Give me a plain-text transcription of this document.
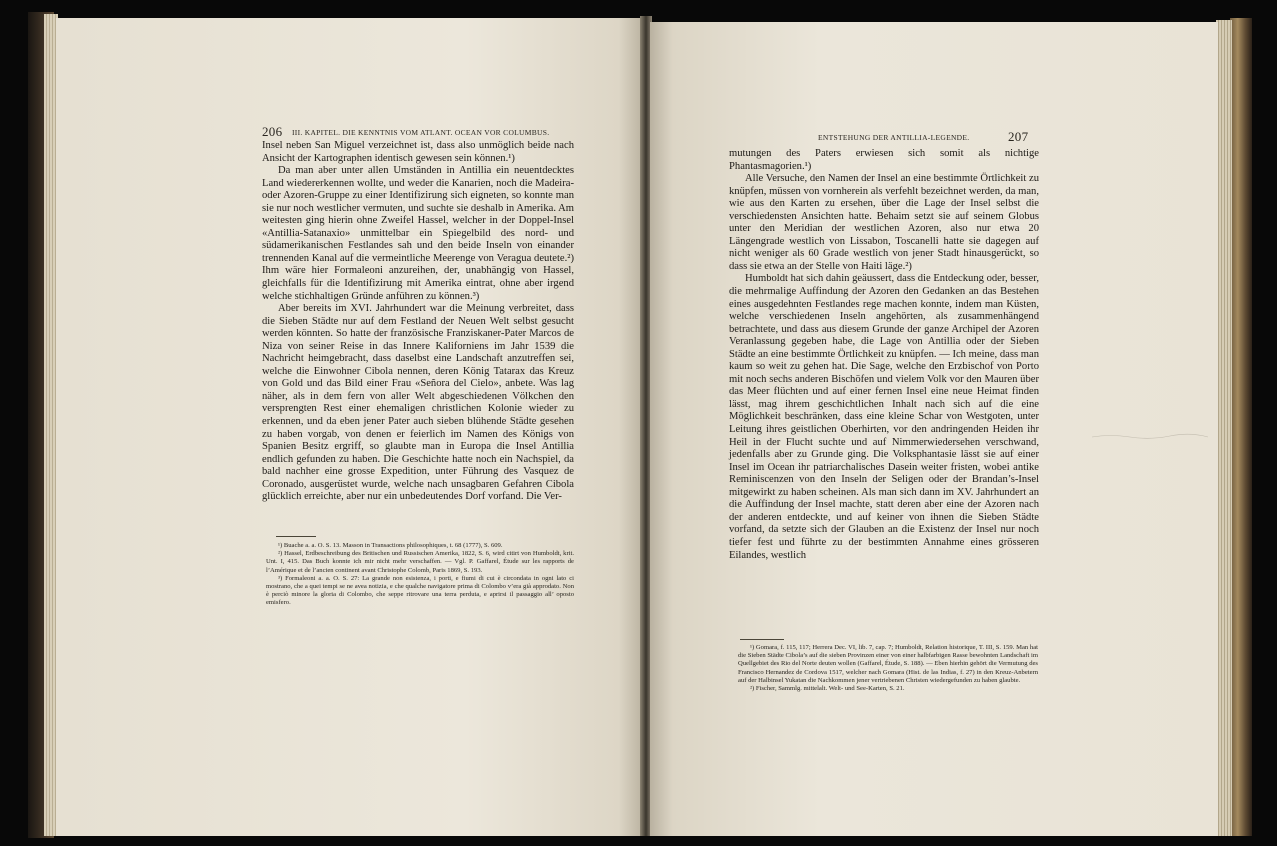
206 III. KAPITEL. DIE KENNTNIS VOM ATLANT. OCEAN VOR COLUMBUS.

Insel neben San Miguel verzeichnet ist, dass also unmöglich beide nach Ansicht der Kartographen identisch gewesen sein können.¹)

Da man aber unter allen Umständen in Antillia ein neuentdecktes Land wiedererkennen wollte, und weder die Kanarien, noch die Madeira- oder Azoren-Gruppe zu einer Identifizirung sich eigneten, so konnte man sie nur noch westlicher vermuten, und suchte sie deshalb in Amerika. Am weitesten ging hierin ohne Zweifel Hassel, welcher in der Doppel-Insel «Antillia-Satanaxio» unmittelbar ein Spiegelbild des nord- und südamerikanischen Festlandes sah und den beide Inseln von einander trennenden Kanal auf die vermeintliche Meerenge von Veragua deutete.²) Ihm wäre hier Formaleoni anzureihen, der, unabhängig von Hassel, gleichfalls für die Identifizirung mit Amerika eintrat, ohne aber irgend welche stichhaltigen Gründe anführen zu können.³)

Aber bereits im XVI. Jahrhundert war die Meinung verbreitet, dass die Sieben Städte nur auf dem Festland der Neuen Welt selbst gesucht werden könnten. So hatte der französische Franziskaner-Pater Marcos de Niza von seiner Reise in das Innere Kaliforniens im Jahr 1539 die Nachricht heimgebracht, dass daselbst eine Landschaft anzutreffen sei, welche die Einwohner Cibola nennen, deren König Tatarax das Kreuz von Gold und das Bild einer Frau «Señora del Cielo», anbete. Was lag näher, als in dem fern von aller Welt abgeschiedenen Völkchen den versprengten Rest einer ehemaligen christlichen Kolonie wieder zu erkennen, und da eben jener Pater auch sieben blühende Städte gesehen zu haben vorgab, von denen er feierlich im Namen des Königs von Spanien Besitz ergriff, so glaubte man in Europa die Insel Antillia endlich gefunden zu haben. Die Geschichte hatte noch ein Nachspiel, da bald nachher eine grosse Expedition, unter Führung des Vasquez de Coronado, ausgerüstet wurde, welche nach unsagbaren Gefahren Cibola glücklich erreichte, aber nur ein unbedeutendes Dorf vorfand. Die Ver-

¹) Buache a. a. O. S. 13. Masson in Transactions philosophiques, t. 68 (1777), S. 609.

²) Hassel, Erdbeschreibung des Britischen und Russischen Amerika, 1822, S. 6, wird citirt von Humboldt, krit. Unt. I, 415. Das Buch konnte ich mir nicht mehr verschaffen. — Vgl. P. Gaffarel, Étude sur les rapports de l’Amérique et de l’ancien continent avant Christophe Colomb, Paris 1869, S. 193.

³) Formaleoni a. a. O. S. 27: La grande non esistenza, i porti, e fiumi di cui è circondata in ogni lato ci mostrano, che a quei tempi se ne avea notizia, e che qualche navigatore prima di Colombo v’era già approdato. Non è perciò minore la gloria di Colombo, che seppe ritrovare una terra perduta, e aprirsi il passaggio all’ oposto emisfero.

ENTSTEHUNG DER ANTILLIA-LEGENDE.	207

mutungen des Paters erwiesen sich somit als nichtige Phantasmagorien.¹)

Alle Versuche, den Namen der Insel an eine bestimmte Örtlichkeit zu knüpfen, müssen von vornherein als verfehlt bezeichnet werden, da man, wie aus den Karten zu ersehen, über die Lage der Insel selbst die verschiedensten Ansichten hatte. Behaim setzt sie auf seinem Globus unter den Meridian der westlichen Azoren, also nur etwa 20 Längengrade westlich von Lissabon, Toscanelli hatte sie dagegen auf nicht weniger als 60 Grade westlich von jener Stadt hinausgerückt, so dass sie etwa an der Stelle von Haiti läge.²)

Humboldt hat sich dahin geäussert, dass die Entdeckung oder, besser, die mehrmalige Auffindung der Azoren den Gedanken an das Bestehen eines ausgedehnten Festlandes rege machen konnte, indem man Küsten, welche verschiedenen Inseln angehörten, als zusammenhängend betrachtete, und dass aus diesem Grunde der ganze Archipel der Azoren Veranlassung gegeben habe, die Lage von Antillia oder der Sieben Städte an eine bestimmte Örtlichkeit zu knüpfen. — Ich meine, dass man kaum so weit zu gehen hat. Die Sage, welche den Erzbischof von Porto mit noch sechs anderen Bischöfen und vielem Volk vor den Mauren über das Meer flüchten und auf einer fernen Insel eine neue Heimat finden lässt, mag ihrem geschichtlichen Inhalt nach sich auf die eine Möglichkeit beschränken, dass eine kleine Schar von Westgoten, unter Leitung ihres geistlichen Oberhirten, vor den andringenden Heiden ihr Heil in der Flucht suchte und auf Nimmerwiedersehen verschwand, jedenfalls aber zu Grunde ging. Die Volksphantasie lässt sie auf einer Insel im Ocean ihr patriarchalisches Dasein weiter fristen, wobei antike Reminiscenzen von den Inseln der Seligen oder der Brandan’s-Insel mitgewirkt zu haben scheinen. Als man sich dann im XV. Jahrhundert an die Auffindung der Insel machte, statt deren aber eine der Azoren nach der anderen entdeckte, und auf keiner von ihnen die Sieben Städte vorfand, da setzte sich der Glauben an die Existenz der Insel nur noch tiefer fest und führte zu der bestimmten Annahme eines grösseren Eilandes, westlich

¹) Gomara, f. 115, 117; Herrera Dec. VI, lib. 7, cap. 7; Humboldt, Relation historique, T. III, S. 159. Man hat die Sieben Städte Cibola’s auf die sieben Provinzen einer von einer halbfarbigen Rasse bewohnten Landschaft im Quellgebiet des Rio del Norte deuten wollen (Gaffarel, Étude, S. 188). — Eben hierhin gehört die Vermutung des Francisco Hernandez de Cordova 1517, welcher nach Gomara (Hist. de las Indias, f. 27) in den Kreuz-Anbetern auf der Halbinsel Yukatan die Nachkommen jener vertriebenen Christen wiedergefunden zu haben glaubte.

²) Fischer, Sammlg. mittelalt. Welt- und See-Karten, S. 21.
